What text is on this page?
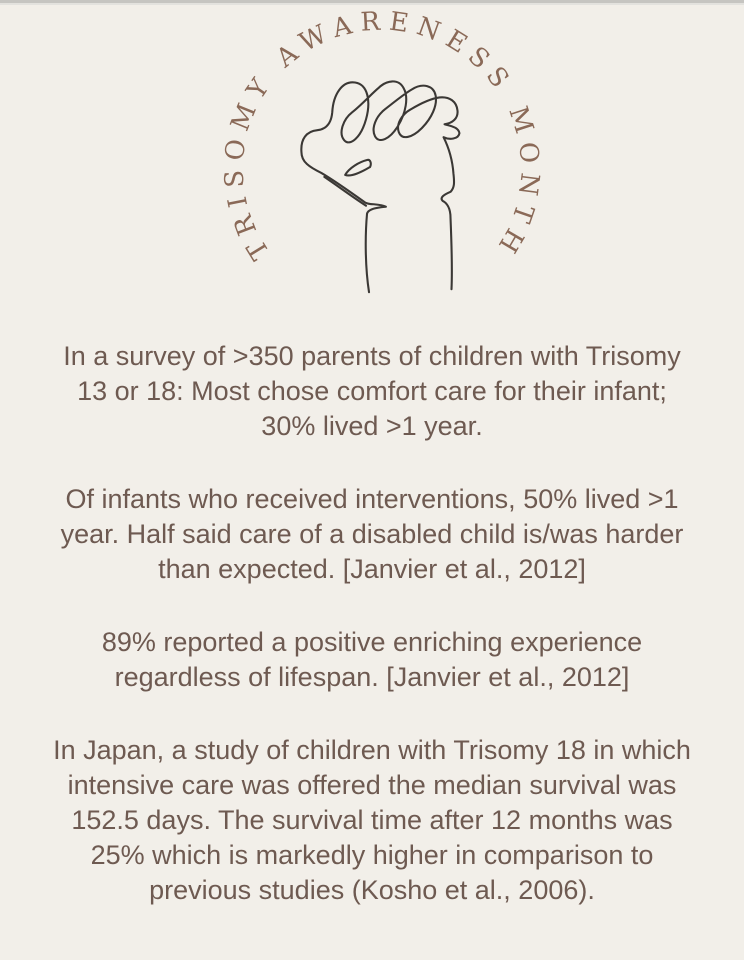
TRISOMY AWARENESS MONTH

In a survey of >350 parents of children with Trisomy
13 or 18: Most chose comfort care for their infant;
30% lived >1 year.

Of infants who received interventions, 50% lived >1
year. Half said care of a disabled child is/was harder
than expected. [Janvier et al., 2012]

89% reported a positive enriching experience
regardless of lifespan. [Janvier et al., 2012]

In Japan, a study of children with Trisomy 18 in which
intensive care was offered the median survival was
152.5 days. The survival time after 12 months was
25% which is markedly higher in comparison to
previous studies (Kosho et al., 2006).
